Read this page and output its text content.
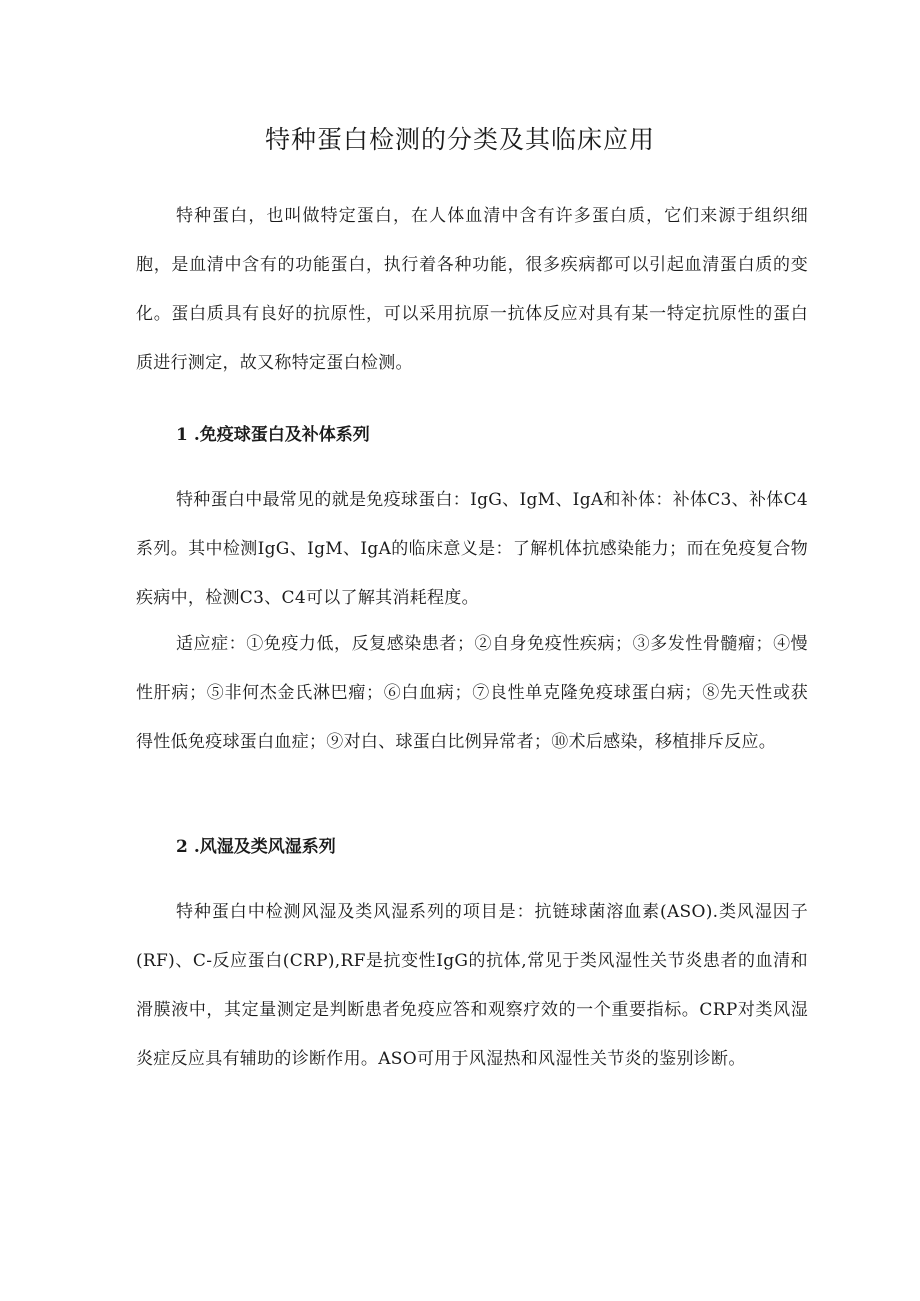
特种蛋白检测的分类及其临床应用

特种蛋白，也叫做特定蛋白，在人体血清中含有许多蛋白质，它们来源于组织细胞，是血清中含有的功能蛋白，执行着各种功能，很多疾病都可以引起血清蛋白质的变化。蛋白质具有良好的抗原性，可以采用抗原一抗体反应对具有某一特定抗原性的蛋白质进行测定，故又称特定蛋白检测。

1 .免疫球蛋白及补体系列

特种蛋白中最常见的就是免疫球蛋白：IgG、IgM、IgA和补体：补体C3、补体C4系列。其中检测IgG、IgM、IgA的临床意义是：了解机体抗感染能力；而在免疫复合物疾病中，检测C3、C4可以了解其消耗程度。

适应症：①免疫力低，反复感染患者；②自身免疫性疾病；③多发性骨髓瘤；④慢性肝病；⑤非何杰金氏淋巴瘤；⑥白血病；⑦良性单克隆免疫球蛋白病；⑧先天性或获得性低免疫球蛋白血症；⑨对白、球蛋白比例异常者；⑩术后感染，移植排斥反应。

2 .风湿及类风湿系列

特种蛋白中检测风湿及类风湿系列的项目是：抗链球菌溶血素(ASO).类风湿因子(RF)、C-反应蛋白(CRP),RF是抗变性IgG的抗体,常见于类风湿性关节炎患者的血清和滑膜液中，其定量测定是判断患者免疫应答和观察疗效的一个重要指标。CRP对类风湿炎症反应具有辅助的诊断作用。ASO可用于风湿热和风湿性关节炎的鉴别诊断。
